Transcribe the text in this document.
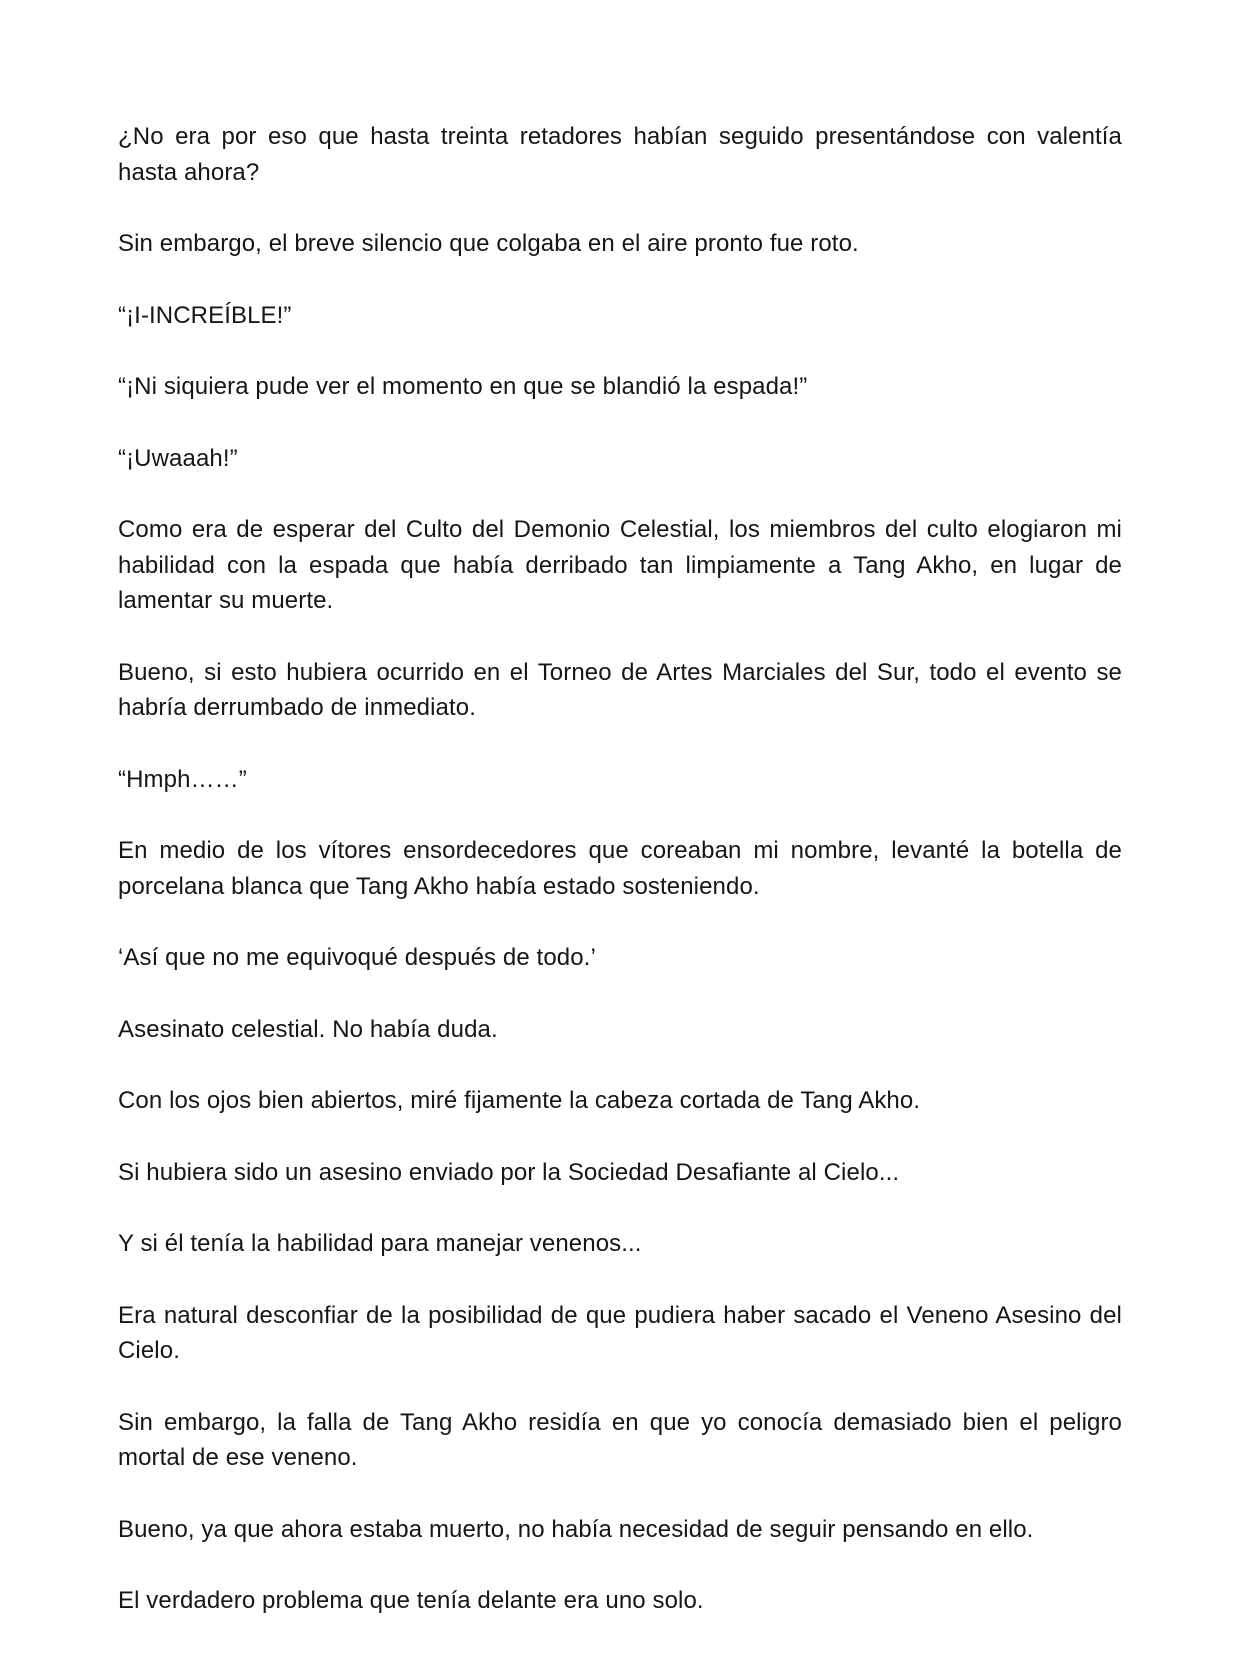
¿No era por eso que hasta treinta retadores habían seguido presentándose con valentía hasta ahora?

Sin embargo, el breve silencio que colgaba en el aire pronto fue roto.

“¡I-INCREÍBLE!”

“¡Ni siquiera pude ver el momento en que se blandió la espada!”

“¡Uwaaah!”

Como era de esperar del Culto del Demonio Celestial, los miembros del culto elogiaron mi habilidad con la espada que había derribado tan limpiamente a Tang Akho, en lugar de lamentar su muerte.

Bueno, si esto hubiera ocurrido en el Torneo de Artes Marciales del Sur, todo el evento se habría derrumbado de inmediato.

“Hmph……”

En medio de los vítores ensordecedores que coreaban mi nombre, levanté la botella de porcelana blanca que Tang Akho había estado sosteniendo.

‘Así que no me equivoqué después de todo.’

Asesinato celestial. No había duda.

Con los ojos bien abiertos, miré fijamente la cabeza cortada de Tang Akho.

Si hubiera sido un asesino enviado por la Sociedad Desafiante al Cielo...

Y si él tenía la habilidad para manejar venenos...

Era natural desconfiar de la posibilidad de que pudiera haber sacado el Veneno Asesino del Cielo.

Sin embargo, la falla de Tang Akho residía en que yo conocía demasiado bien el peligro mortal de ese veneno.

Bueno, ya que ahora estaba muerto, no había necesidad de seguir pensando en ello.

El verdadero problema que tenía delante era uno solo.
